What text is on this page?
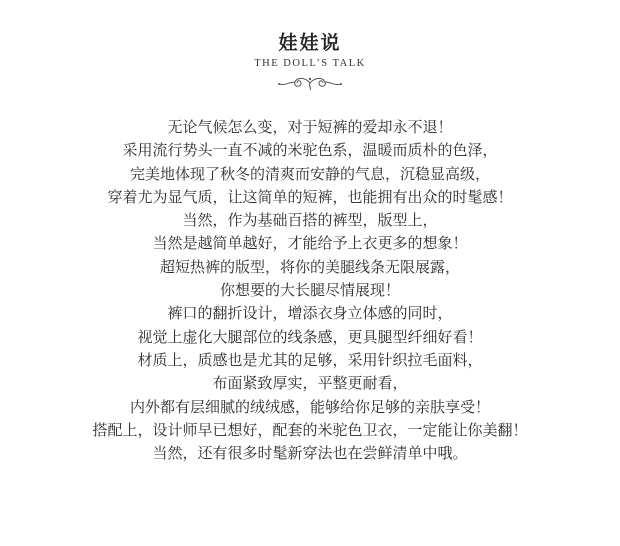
娃娃说
THE DOLL’S TALK
无论气候怎么变，对于短裤的爱却永不退！
采用流行势头一直不减的米驼色系，温暖而质朴的色泽，
完美地体现了秋冬的清爽而安静的气息，沉稳显高级，
穿着尤为显气质，让这简单的短裤，也能拥有出众的时髦感！
当然，作为基础百搭的裤型，版型上，
当然是越简单越好，才能给予上衣更多的想象！
超短热裤的版型，将你的美腿线条无限展露，
你想要的大长腿尽情展现！
裤口的翻折设计，增添衣身立体感的同时，
视觉上虚化大腿部位的线条感，更具腿型纤细好看！
材质上，质感也是尤其的足够，采用针织拉毛面料，
布面紧致厚实，平整更耐看，
内外都有层细腻的绒绒感，能够给你足够的亲肤享受！
搭配上，设计师早已想好，配套的米驼色卫衣，一定能让你美翻！
当然，还有很多时髦新穿法也在尝鲜清单中哦。
